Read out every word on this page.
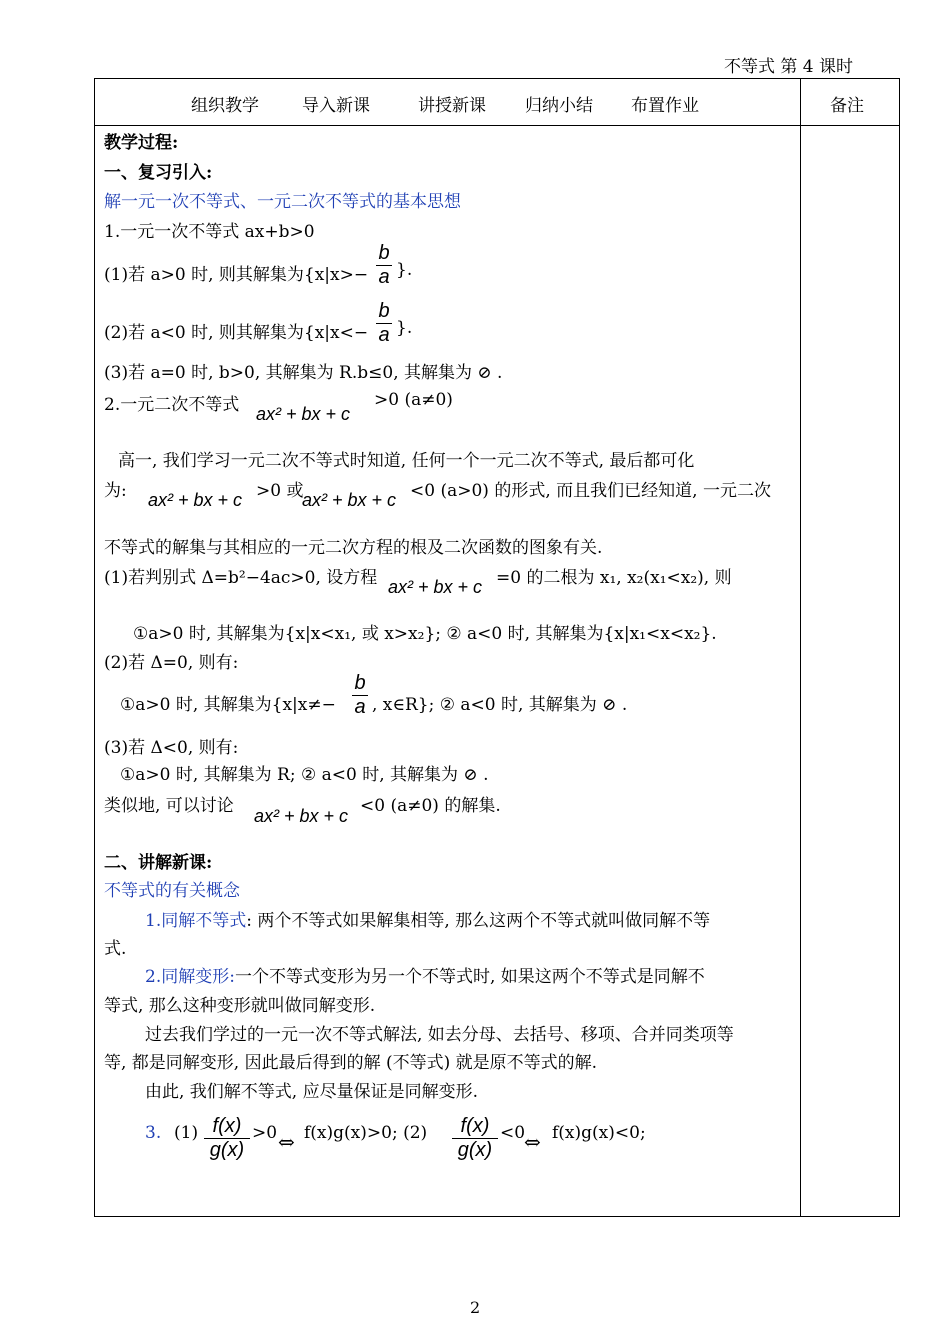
不等式 第 4 课时
组织教学	导入新课	讲授新课 归纳小结 布置作业	备注
教学过程:
一、复习引入:
解一元一次不等式、一元二次不等式的基本思想
1.一元一次不等式 ax+b>0
(1)若 a>0 时, 则其解集为{x|x>−
b
a }.
(2)若 a<0 时, 则其解集为{x|x<−
b
a }.
(3)若 a=0 时, b>0, 其解集为 R.b≤0, 其解集为 ⊘ .
2.一元二次不等式 ax² + bx + c
>0 (a≠0)
高一, 我们学习一元二次不等式时知道, 任何一个一元二次不等式, 最后都可化
为: ax² + bx + c >0 或
ax² + bx + c <0 (a>0) 的形式, 而且我们已经知道, 一元二次
不等式的解集与其相应的一元二次方程的根及二次函数的图象有关.
(1)若判别式 Δ=b²−4ac>0, 设方程 ax² + bx + c =0 的二根为 x₁, x₂(x₁<x₂), 则
①a>0 时, 其解集为{x|x<x₁, 或 x>x₂}; ② a<0 时, 其解集为{x|x₁<x<x₂}.
(2)若 Δ=0, 则有:
①a>0 时, 其解集为{x|x≠−
b
a , x∈R}; ② a<0 时, 其解集为 ⊘ .
(3)若 Δ<0, 则有:
①a>0 时, 其解集为 R; ② a<0 时, 其解集为 ⊘ .
类似地, 可以讨论 ax² + bx + c <0 (a≠0) 的解集.
二、讲解新课:
不等式的有关概念
1.同解不等式: 两个不等式如果解集相等, 那么这两个不等式就叫做同解不等
式.
2.同解变形:一个不等式变形为另一个不等式时, 如果这两个不等式是同解不
等式, 那么这种变形就叫做同解变形.
过去我们学过的一元一次不等式解法, 如去分母、去括号、移项、合并同类项等
等, 都是同解变形, 因此最后得到的解 (不等式) 就是原不等式的解.
由此, 我们解不等式, 应尽量保证是同解变形.
3. (1) f(x)
g(x)
>0 ⇔ f(x)g(x)>0; (2)	f(x)
g(x)
<0
⇔ f(x)g(x)<0;
2
